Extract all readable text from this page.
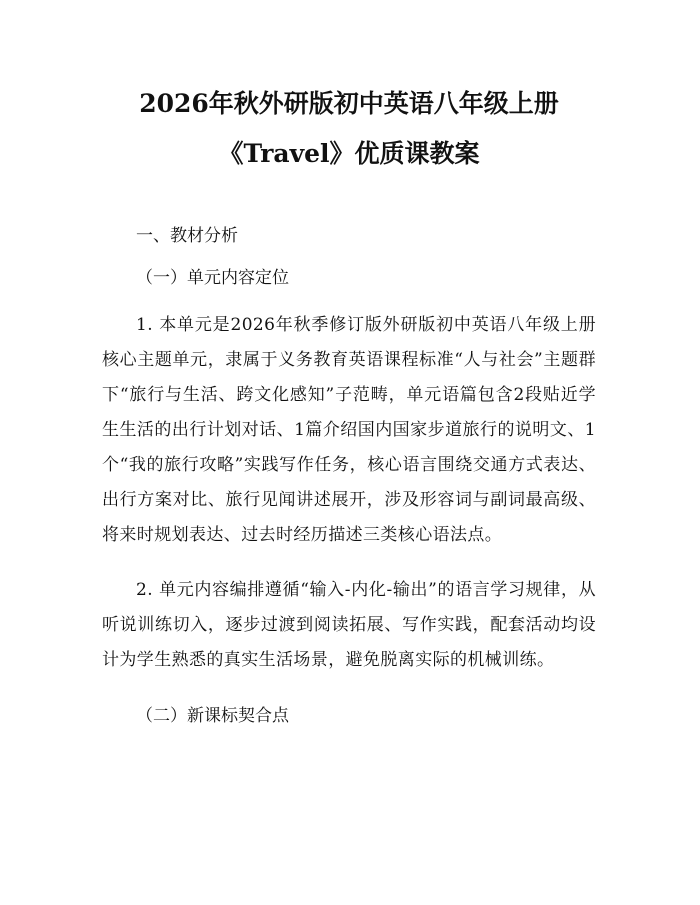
2026年秋外研版初中英语八年级上册
《Travel》优质课教案

一、教材分析

（一）单元内容定位

1. 本单元是2026年秋季修订版外研版初中英语八年级上册核心主题单元，隶属于义务教育英语课程标准“人与社会”主题群下“旅行与生活、跨文化感知”子范畴，单元语篇包含2段贴近学生生活的出行计划对话、1篇介绍国内国家步道旅行的说明文、1个“我的旅行攻略”实践写作任务，核心语言围绕交通方式表达、出行方案对比、旅行见闻讲述展开，涉及形容词与副词最高级、将来时规划表达、过去时经历描述三类核心语法点。

2. 单元内容编排遵循“输入-内化-输出”的语言学习规律，从听说训练切入，逐步过渡到阅读拓展、写作实践，配套活动均设计为学生熟悉的真实生活场景，避免脱离实际的机械训练。

（二）新课标契合点
